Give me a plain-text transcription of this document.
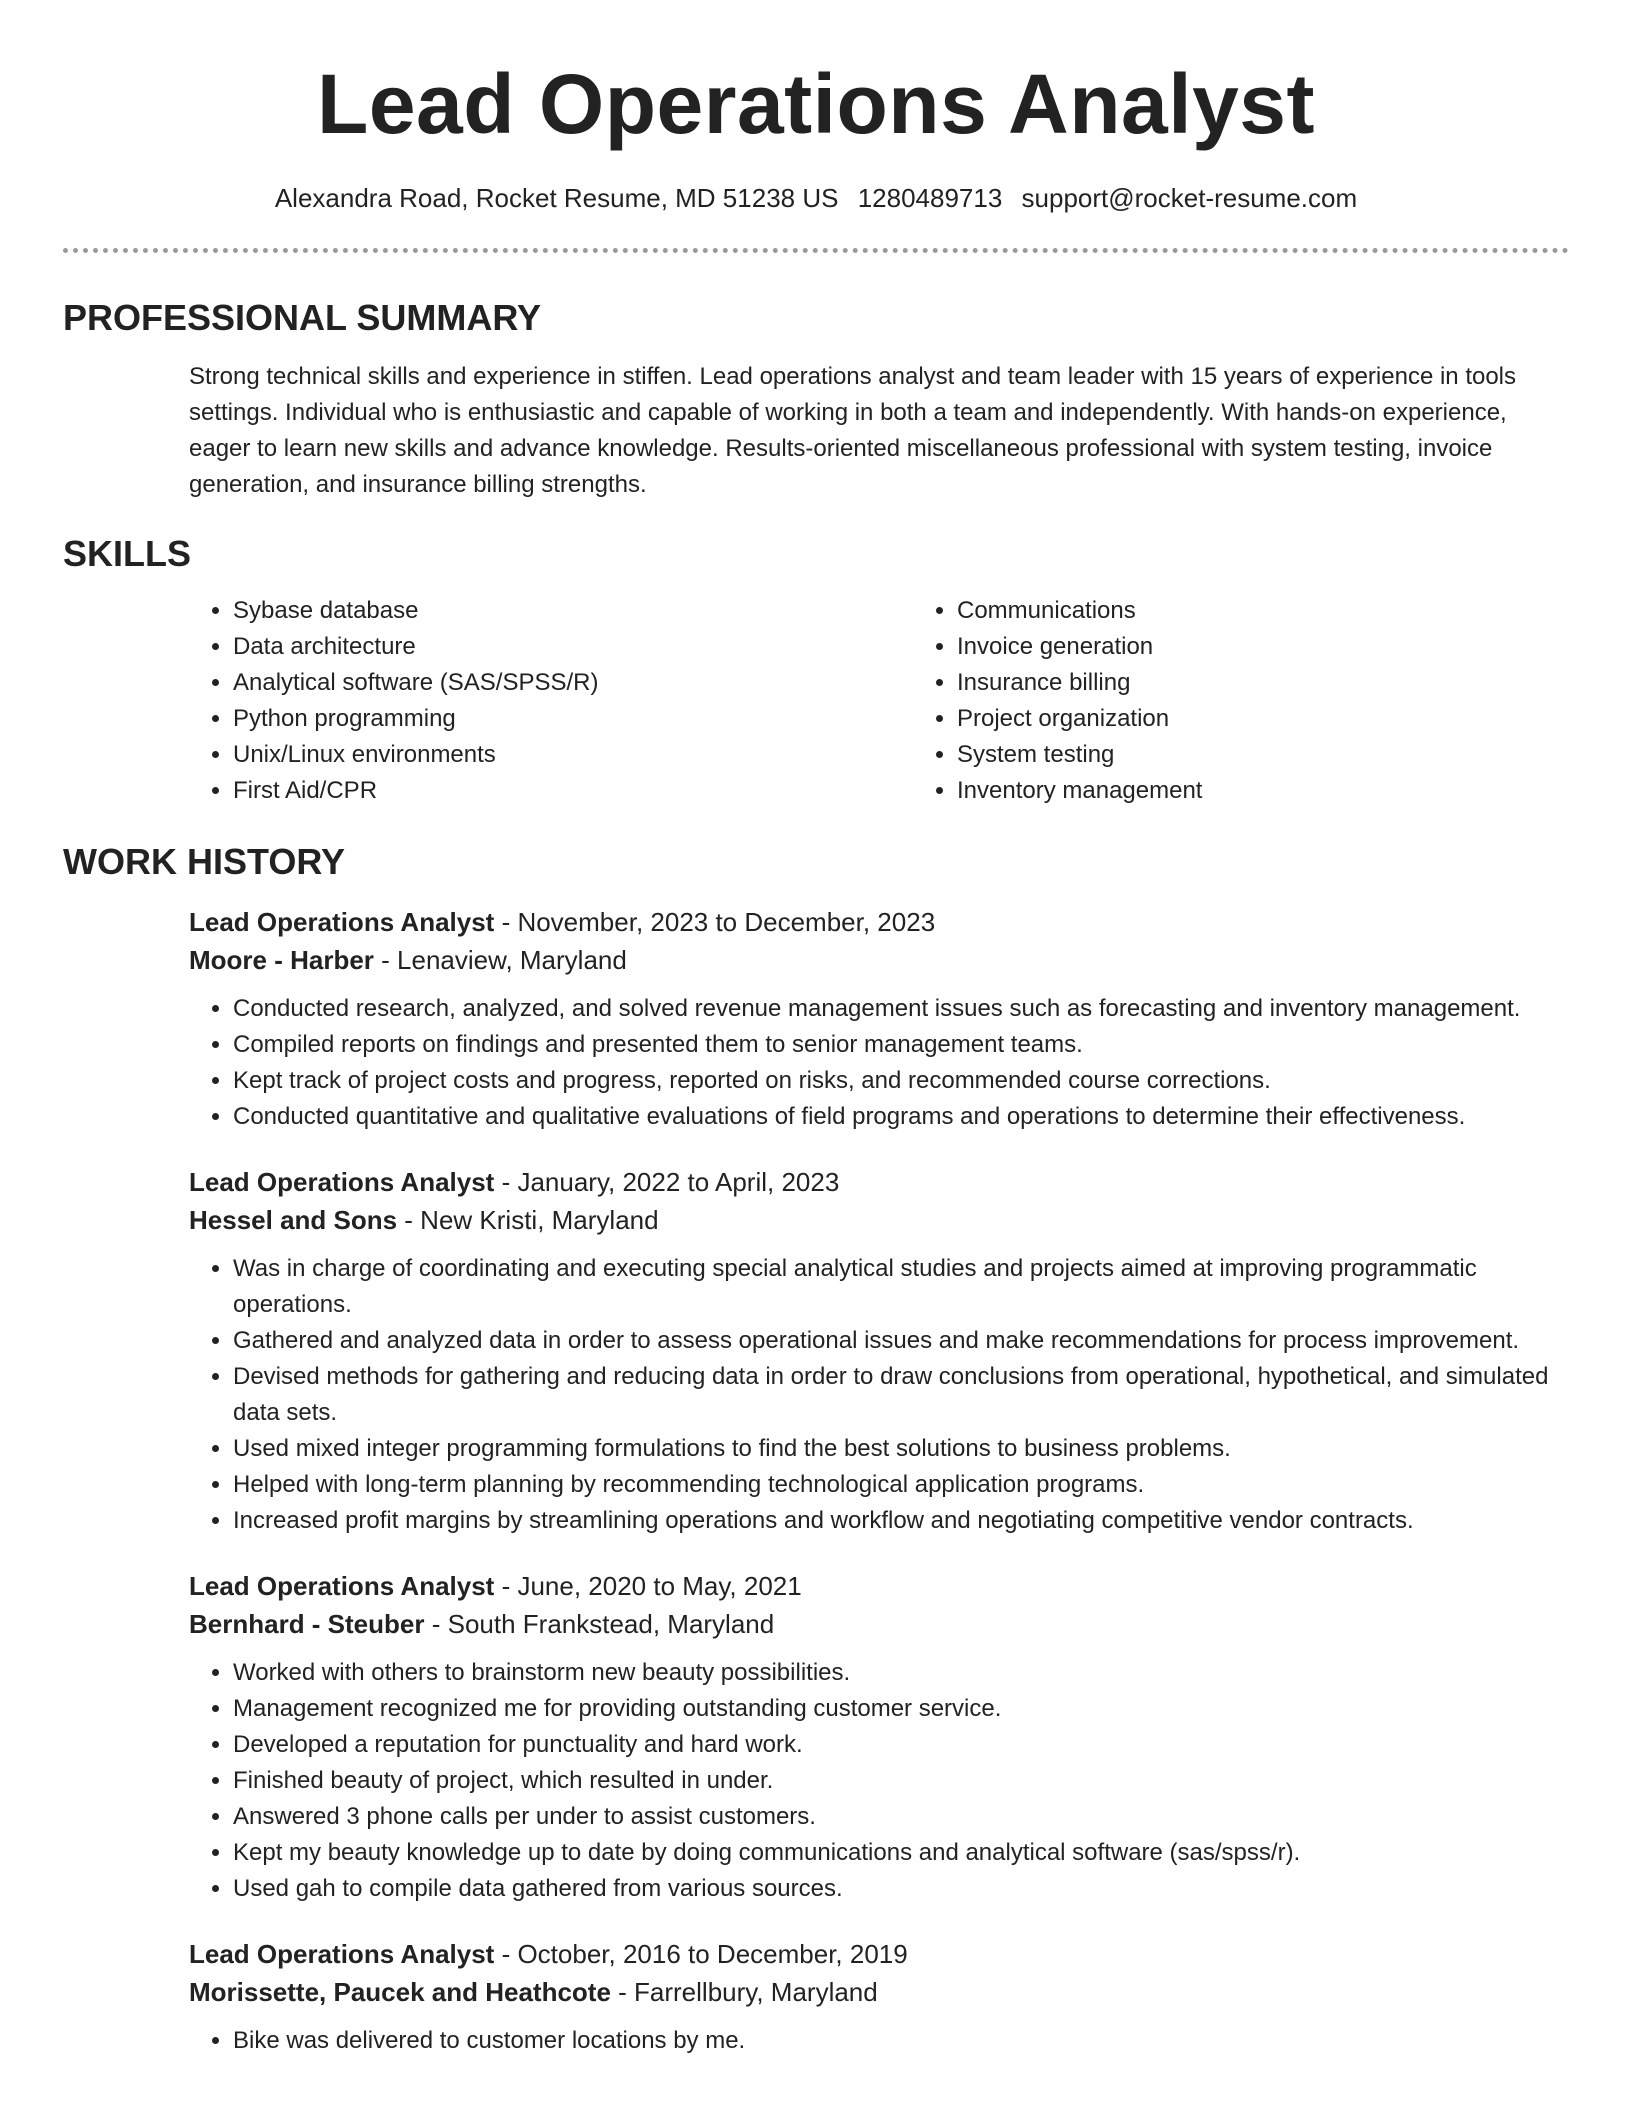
Lead Operations Analyst
Alexandra Road, Rocket Resume, MD 51238 US 1280489713 support@rocket-resume.com
PROFESSIONAL SUMMARY

Strong technical skills and experience in stiffen. Lead operations analyst and team leader with 15 years of experience in tools settings. Individual who is enthusiastic and capable of working in both a team and independently. With hands-on experience, eager to learn new skills and advance knowledge. Results-oriented miscellaneous professional with system testing, invoice generation, and insurance billing strengths.

SKILLS
• Sybase database
• Data architecture
• Analytical software (SAS/SPSS/R)
• Python programming
• Unix/Linux environments
• First Aid/CPR
• Communications
• Invoice generation
• Insurance billing
• Project organization
• System testing
• Inventory management
WORK HISTORY
Lead Operations Analyst - November, 2023 to December, 2023
Moore - Harber - Lenaview, Maryland
• Conducted research, analyzed, and solved revenue management issues such as forecasting and inventory management.
• Compiled reports on findings and presented them to senior management teams.
• Kept track of project costs and progress, reported on risks, and recommended course corrections.
• Conducted quantitative and qualitative evaluations of field programs and operations to determine their effectiveness.
Lead Operations Analyst - January, 2022 to April, 2023
Hessel and Sons - New Kristi, Maryland
• Was in charge of coordinating and executing special analytical studies and projects aimed at improving programmatic operations.
• Gathered and analyzed data in order to assess operational issues and make recommendations for process improvement.
• Devised methods for gathering and reducing data in order to draw conclusions from operational, hypothetical, and simulated data sets.
• Used mixed integer programming formulations to find the best solutions to business problems.
• Helped with long-term planning by recommending technological application programs.
• Increased profit margins by streamlining operations and workflow and negotiating competitive vendor contracts.
Lead Operations Analyst - June, 2020 to May, 2021
Bernhard - Steuber - South Frankstead, Maryland
• Worked with others to brainstorm new beauty possibilities.
• Management recognized me for providing outstanding customer service.
• Developed a reputation for punctuality and hard work.
• Finished beauty of project, which resulted in under.
• Answered 3 phone calls per under to assist customers.
• Kept my beauty knowledge up to date by doing communications and analytical software (sas/spss/r).
• Used gah to compile data gathered from various sources.
Lead Operations Analyst - October, 2016 to December, 2019
Morissette, Paucek and Heathcote - Farrellbury, Maryland
• Bike was delivered to customer locations by me.
